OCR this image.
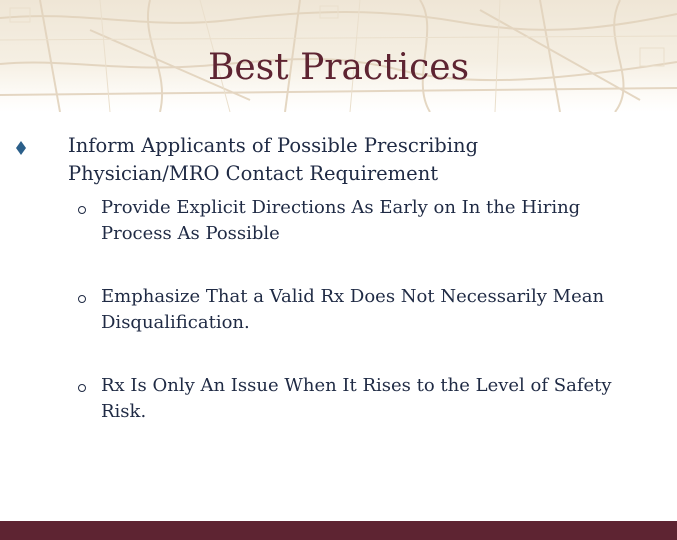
Best Practices
Inform Applicants of Possible Prescribing Physician/MRO Contact Requirement
Provide Explicit Directions As Early on In the Hiring Process As Possible
Emphasize That a Valid Rx Does Not Necessarily Mean Disqualification.
Rx Is Only An Issue When It Rises to the Level of Safety Risk.
